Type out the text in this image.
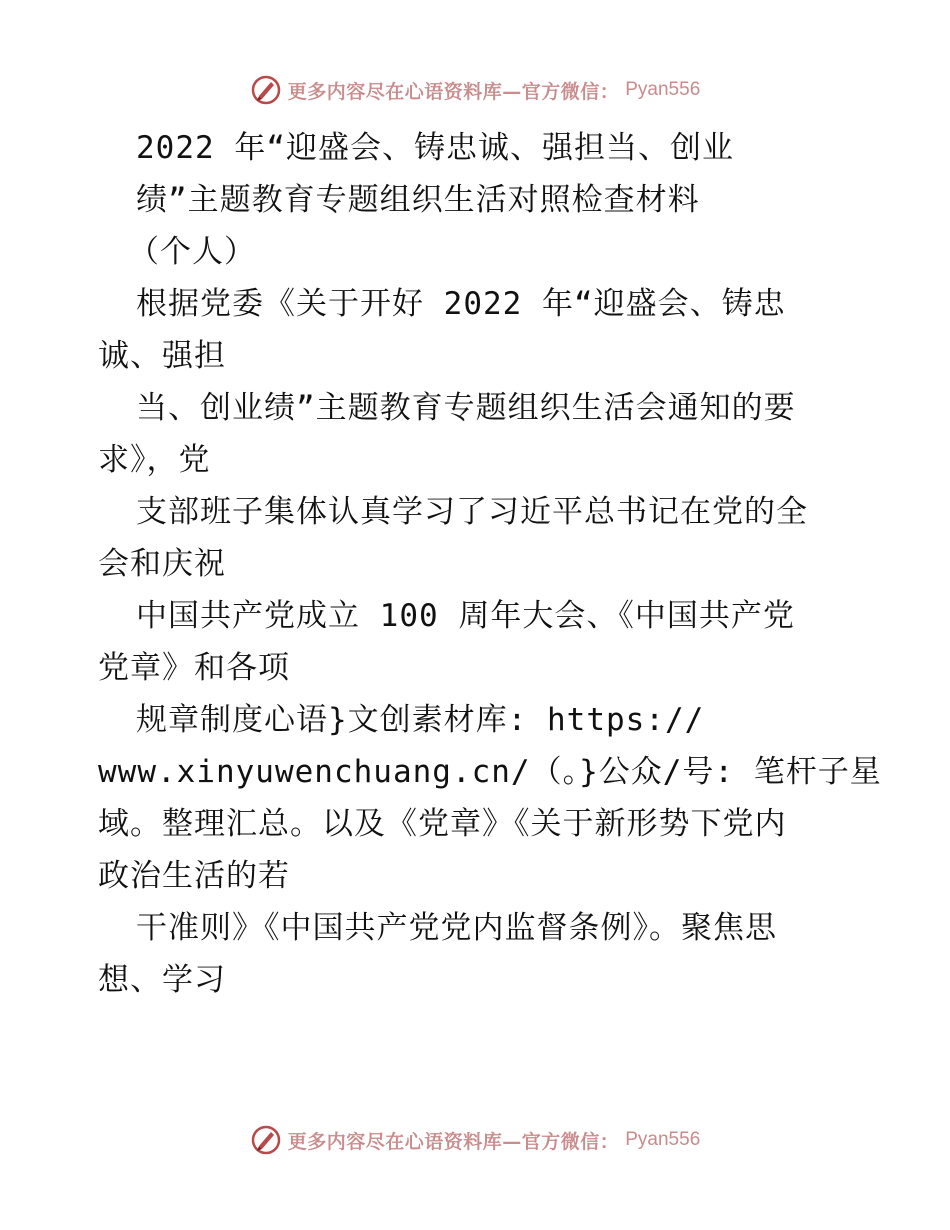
更多内容尽在心语资料库—官方微信： Pyan556
2022 年“迎盛会、铸忠诚、强担当、创业
绩”主题教育专题组织生活对照检查材料
（个人）
根据党委《关于开好 2022 年“迎盛会、铸忠
诚、强担
当、创业绩”主题教育专题组织生活会通知的要
求》，党
支部班子集体认真学习了习近平总书记在党的全
会和庆祝
中国共产党成立 100 周年大会、《中国共产党
党章》和各项
规章制度心语}文创素材库: https://
www.xinyuwenchuang.cn/（。}公众/号: 笔杆子星
域。整理汇总。以及《党章》《关于新形势下党内
政治生活的若
干准则》《中国共产党党内监督条例》。聚焦思
想、学习
更多内容尽在心语资料库—官方微信： Pyan556
